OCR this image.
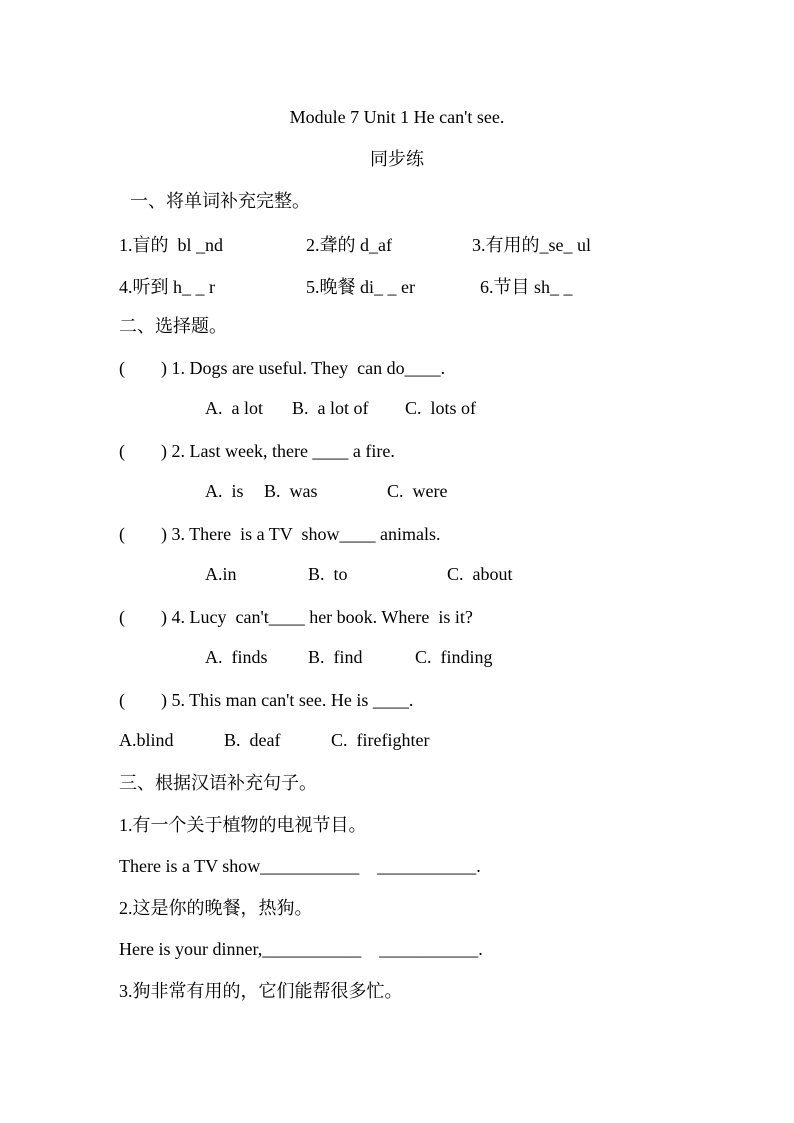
Module 7 Unit 1 He can't see.
同步练
一、将单词补充完整。
1.盲的  bl _nd	2.聋的 d_af	3.有用的_se_ ul
4.听到 h_ _ r	5.晚餐 di_ _ er	6.节目 sh_ _
二、选择题。
(        ) 1. Dogs are useful. They  can do____.
A.  a lot B.  a lot of C.  lots of
(        ) 2. Last week, there ____ a fire.
A.  is B.  was	C.  were
(        ) 3. There  is a TV  show____ animals.
A.in	B.  to	C.  about
(        ) 4. Lucy  can't____ her book. Where  is it?
A.  finds B.  find	C.  finding
(        ) 5. This man can't see. He is ____.
A.blind	B.  deaf	C.  firefighter
三、根据汉语补充句子。
1.有一个关于植物的电视节目。
There is a TV show___________    ___________.
2.这是你的晚餐，热狗。
Here is your dinner,___________    ___________.
3.狗非常有用的，它们能帮很多忙。
